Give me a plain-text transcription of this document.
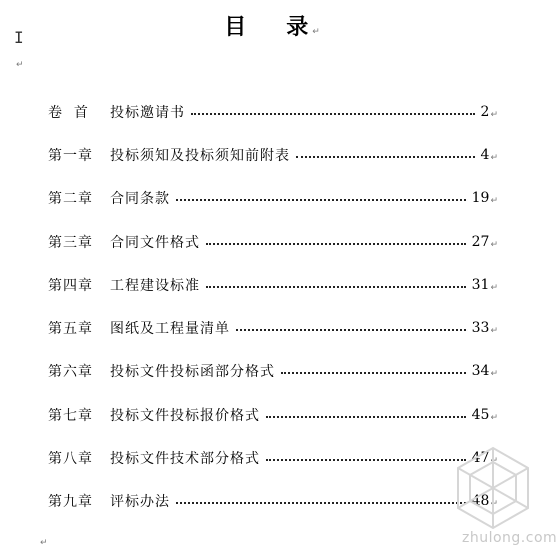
I
↵
目 录 ↵
卷  首	投标邀请书	2 ↵
第一章	投标须知及投标须知前附表	4 ↵
第二章	合同条款	19 ↵
第三章	合同文件格式	27 ↵
第四章	工程建设标准	31 ↵
第五章	图纸及工程量清单	33 ↵
第六章	投标文件投标函部分格式	34 ↵
第七章	投标文件投标报价格式	45 ↵
第八章	投标文件技术部分格式	47 ↵
第九章	评标办法	48 ↵
↵	zhulong.com
